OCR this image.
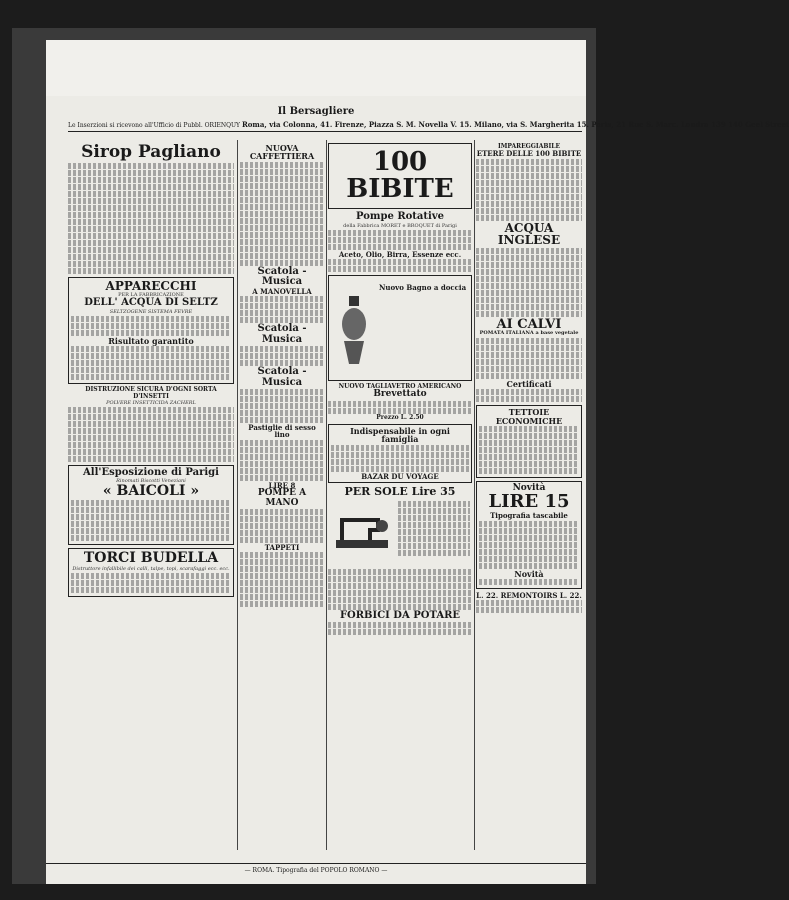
Il Bersagliere
Le Inserzioni si ricevono all'Ufficio di Pubbl. ORIENQUY Roma, via Colonna, 41. Firenze, Piazza S. M. Novella V. 15. Milano, via S. Margherita 15. Paris, 21 Rue S. Marc. Londra 139 140 Geel Street
Sirop Pagliano
APPARECCHI
PER LA FABBRICAZIONE
DELL' ACQUA DI SELTZ
SELTZOGENE SISTEMA FEVRE
Risultato garantito
DISTRUZIONE SICURA D'OGNI SORTA D'INSETTI
POLVERE INSETTICIDA ZACHERL
All'Esposizione di Parigi
Rinomati Biscotti Veneziani
« BAICOLI »
TORCI BUDELLA
Distruttore infallibile dei calli, talpe, topi, scarafaggi ecc. ecc.
NUOVA CAFFETTIERA
Scatola - Musica
A MANOVELLA
Scatola - Musica
Scatola - Musica
Pastiglie di sesso lino
LIRE 8
POMPE A MANO
TAPPETI
100 BIBITE
Pompe Rotative
della Fabbrica MORET e BROQUET di Parigi
Aceto, Olio, Birra, Essenze ecc.
Nuovo Bagno a doccia
NUOVO TAGLIAVETRO AMERICANO
Brevettato
Prezzo L. 2.50
Indispensabile in ogni famiglia
BAZAR DU VOYAGE
PER SOLE Lire 35
FORBICI DA POTARE
IMPAREGGIABILE
ETERE DELLE 100 BIBITE
ACQUA INGLESE
AI CALVI
POMATA ITALIANA a base vegetale
Certificati
TETTOIE ECONOMICHE
Novità
LIRE 15
Tipografia tascabile
Novità
L. 22. REMONTOIRS L. 22.
— ROMA. Tipografia del POPOLO ROMANO —
